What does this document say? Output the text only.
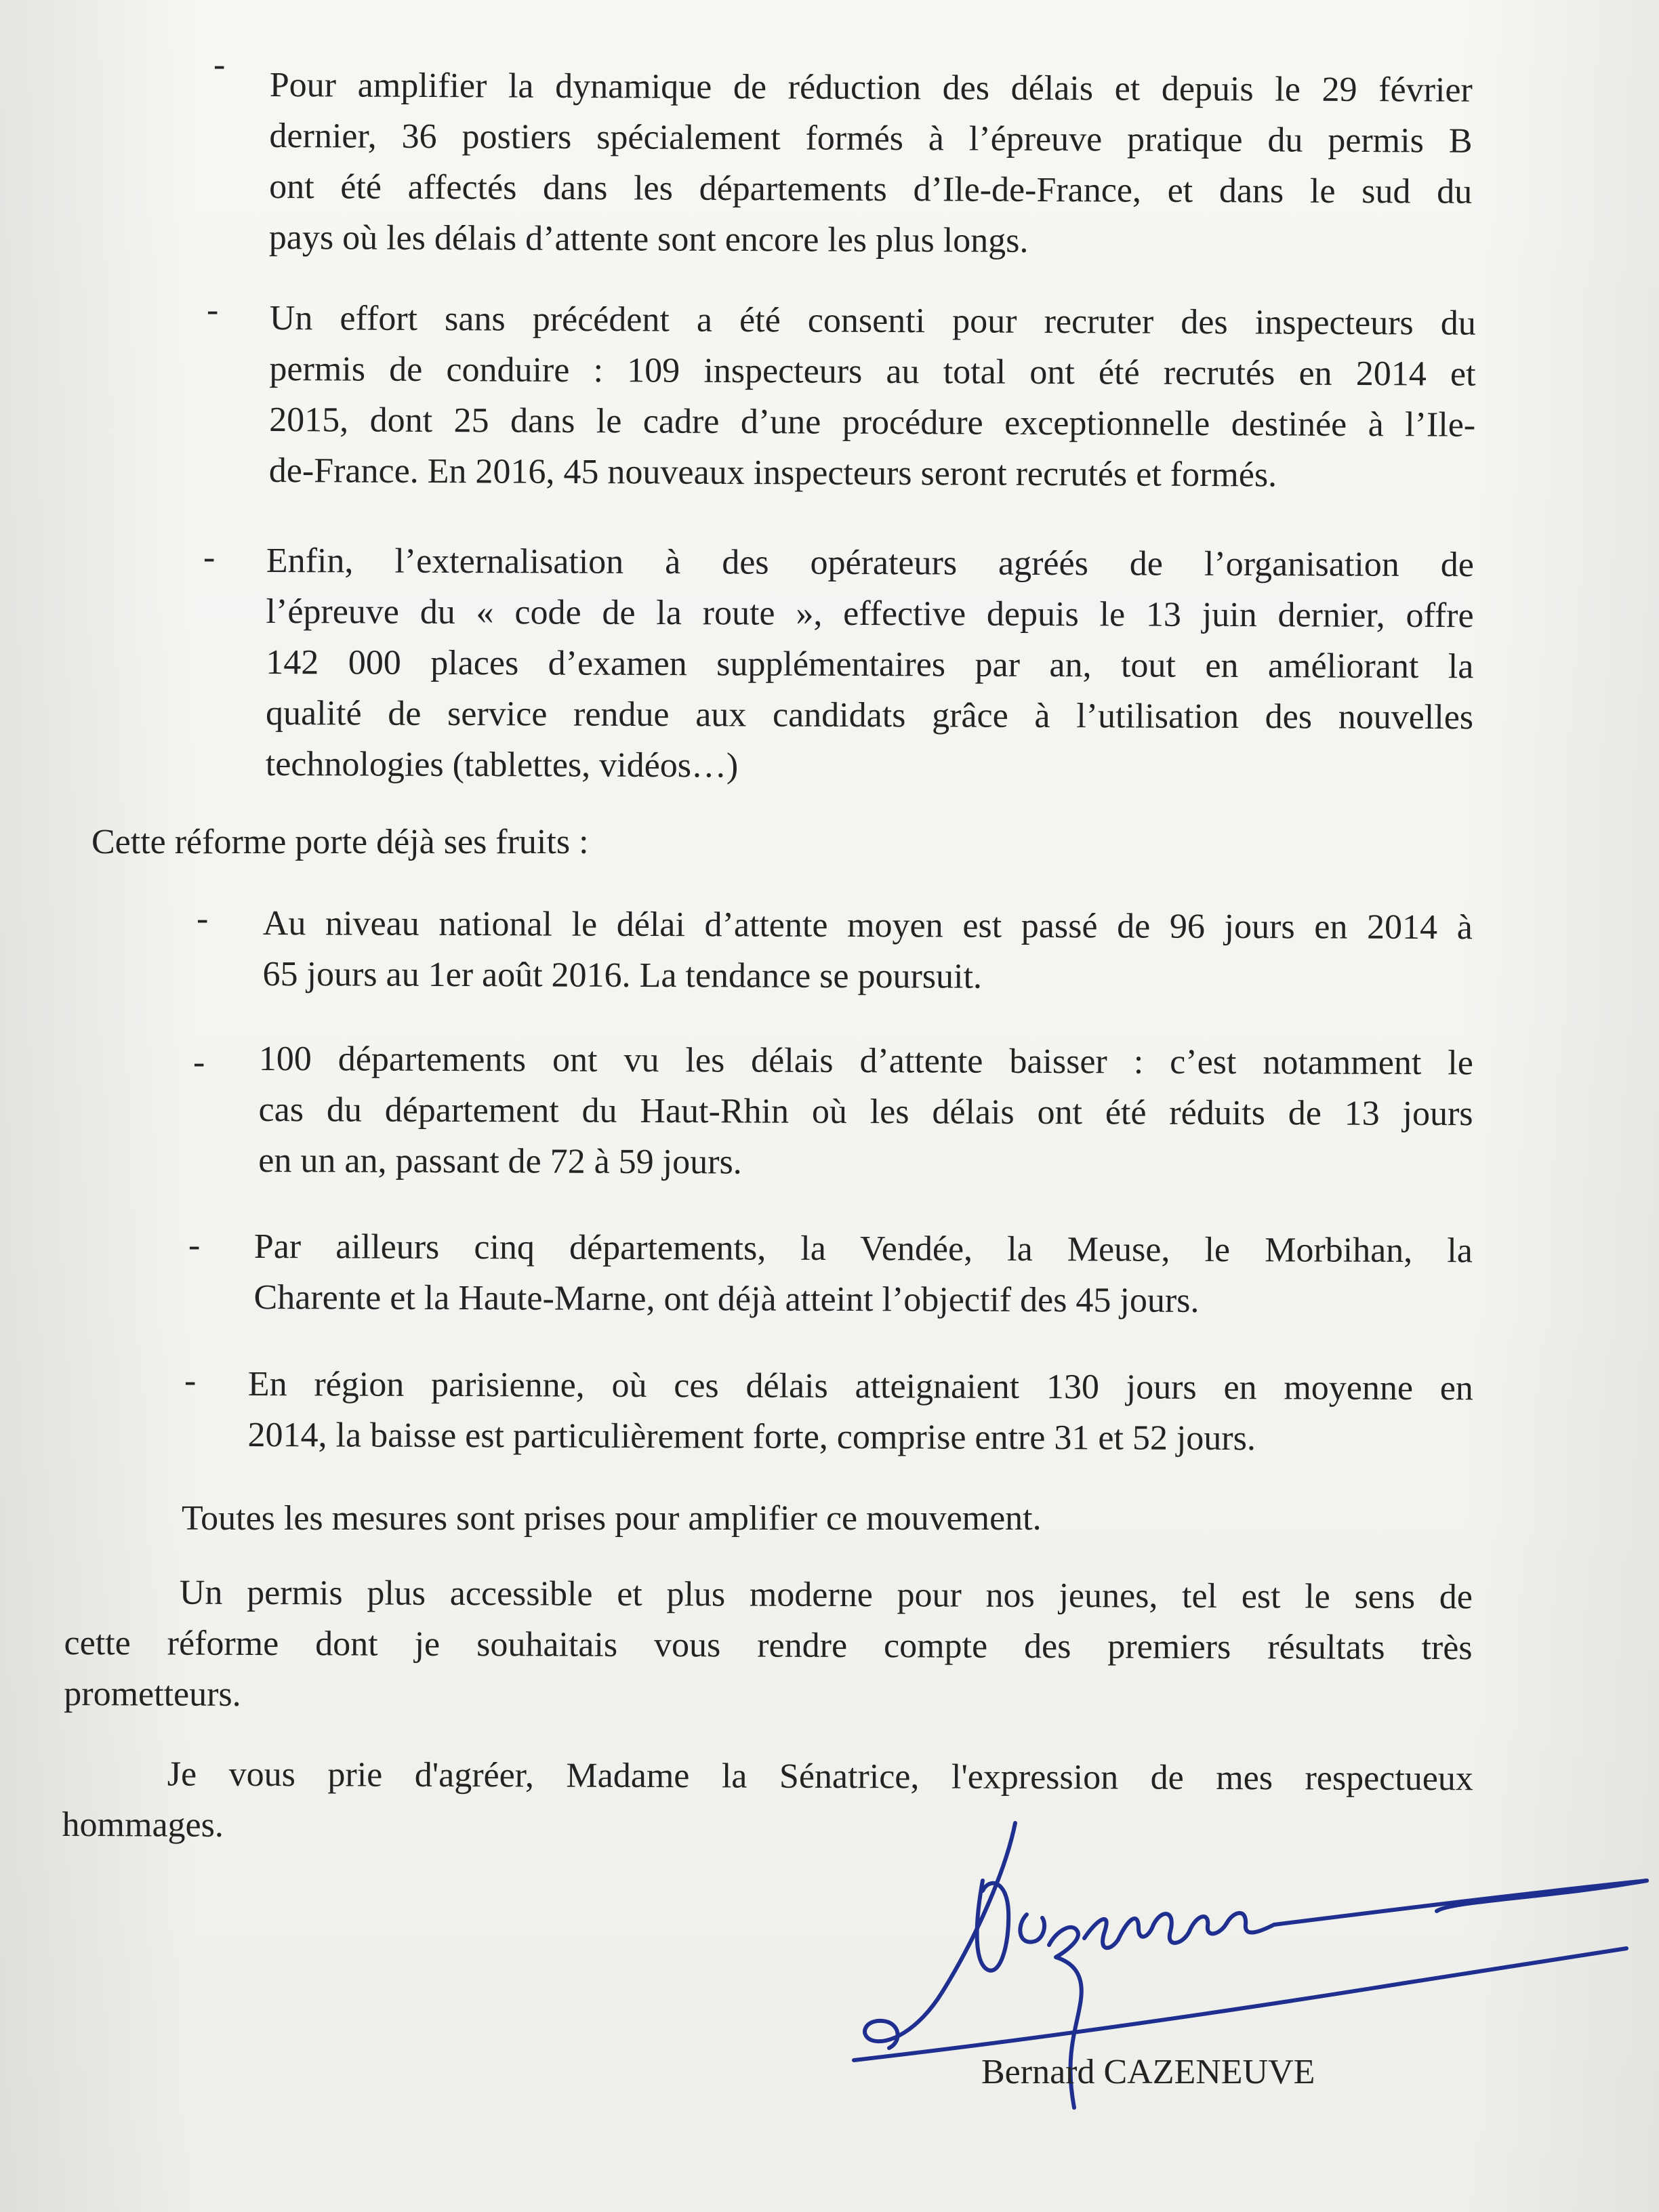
-
Pour amplifier la dynamique de réduction des délais et depuis le 29 février
dernier, 36 postiers spécialement formés à l’épreuve pratique du permis B
ont été affectés dans les départements d’Ile-de-France, et dans le sud du
pays où les délais d’attente sont encore les plus longs.
- Un effort sans précédent a été consenti pour recruter des inspecteurs du
permis de conduire : 109 inspecteurs au total ont été recrutés en 2014 et
2015, dont 25 dans le cadre d’une procédure exceptionnelle destinée à l’Ile-
de-France. En 2016, 45 nouveaux inspecteurs seront recrutés et formés.
- Enfin, l’externalisation à des opérateurs agréés de l’organisation de
l’épreuve du « code de la route », effective depuis le 13 juin dernier, offre
142 000 places d’examen supplémentaires par an, tout en améliorant la
qualité de service rendue aux candidats grâce à l’utilisation des nouvelles
technologies (tablettes, vidéos…)
Cette réforme porte déjà ses fruits :
- Au niveau national le délai d’attente moyen est passé de 96 jours en 2014 à
65 jours au 1er août 2016. La tendance se poursuit.
- 100 départements ont vu les délais d’attente baisser : c’est notamment le
cas du département du Haut-Rhin où les délais ont été réduits de 13 jours
en un an, passant de 72 à 59 jours.
- Par ailleurs cinq départements, la Vendée, la Meuse, le Morbihan, la
Charente et la Haute-Marne, ont déjà atteint l’objectif des 45 jours.
- En région parisienne, où ces délais atteignaient 130 jours en moyenne en
2014, la baisse est particulièrement forte, comprise entre 31 et 52 jours.
Toutes les mesures sont prises pour amplifier ce mouvement.
Un permis plus accessible et plus moderne pour nos jeunes, tel est le sens de
cette réforme dont je souhaitais vous rendre compte des premiers résultats très
prometteurs.
Je vous prie d'agréer, Madame la Sénatrice, l'expression de mes respectueux
hommages.
Bernard CAZENEUVE
